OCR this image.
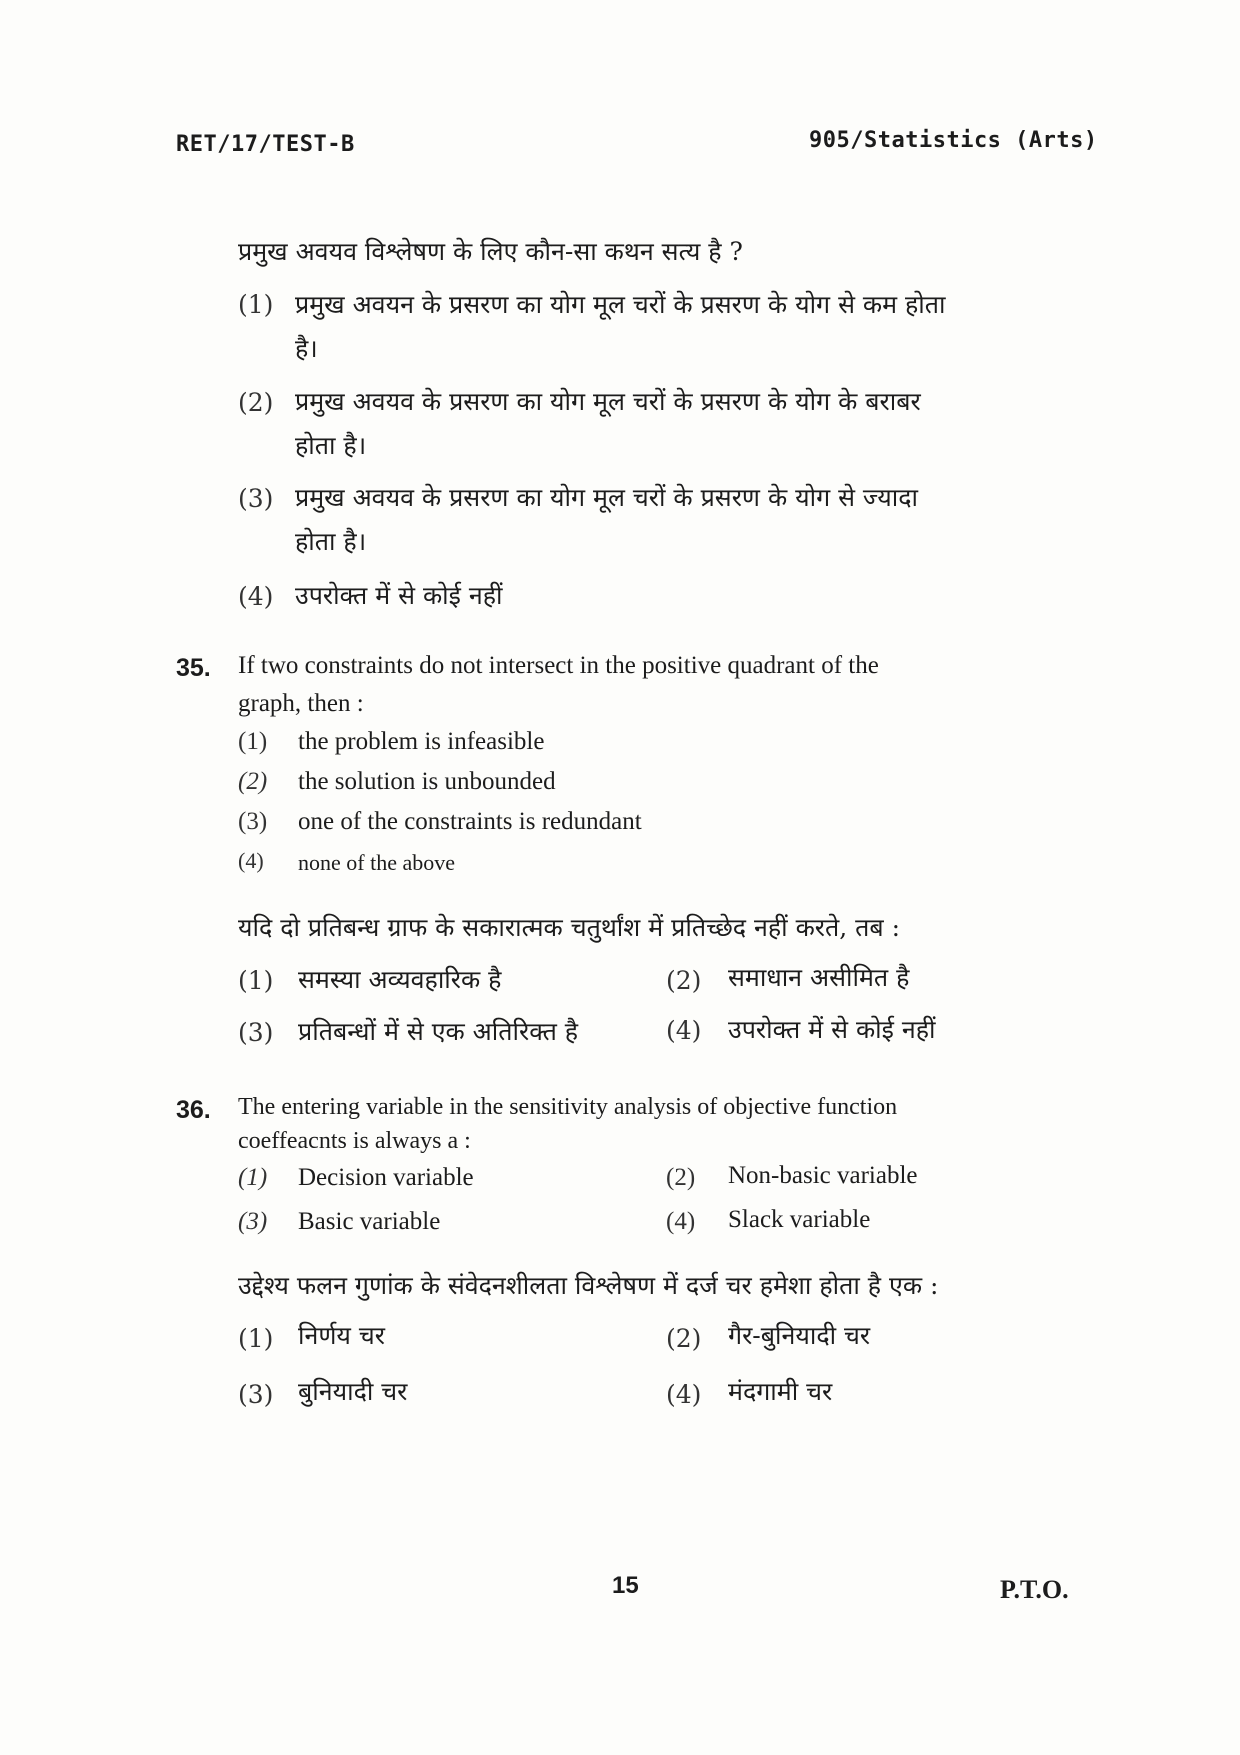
RET/17/TEST-B	905/Statistics (Arts)
प्रमुख अवयव विश्लेषण के लिए कौन-सा कथन सत्य है ?
(1) प्रमुख अवयन के प्रसरण का योग मूल चरों के प्रसरण के योग से कम होता
है।
(2) प्रमुख अवयव के प्रसरण का योग मूल चरों के प्रसरण के योग के बराबर
होता है।
(3) प्रमुख अवयव के प्रसरण का योग मूल चरों के प्रसरण के योग से ज्यादा
होता है।
(4) उपरोक्त में से कोई नहीं
35. If two constraints do not intersect in the positive quadrant of the
graph, then :
(1) the problem is infeasible
(2) the solution is unbounded
(3) one of the constraints is redundant
(4) none of the above
यदि दो प्रतिबन्ध ग्राफ के सकारात्मक चतुर्थांश में प्रतिच्छेद नहीं करते, तब :
(1) समस्या अव्यवहारिक है	(2) समाधान असीमित है
(3) प्रतिबन्धों में से एक अतिरिक्त है	(4) उपरोक्त में से कोई नहीं
36. The entering variable in the sensitivity analysis of objective function
coeffeacnts is always a :
(1) Decision variable	(2) Non-basic variable
(3) Basic variable	(4) Slack variable
उद्देश्य फलन गुणांक के संवेदनशीलता विश्लेषण में दर्ज चर हमेशा होता है एक :
(1) निर्णय चर	(2) गैर-बुनियादी चर
(3) बुनियादी चर	(4) मंदगामी चर
15	P.T.O.
